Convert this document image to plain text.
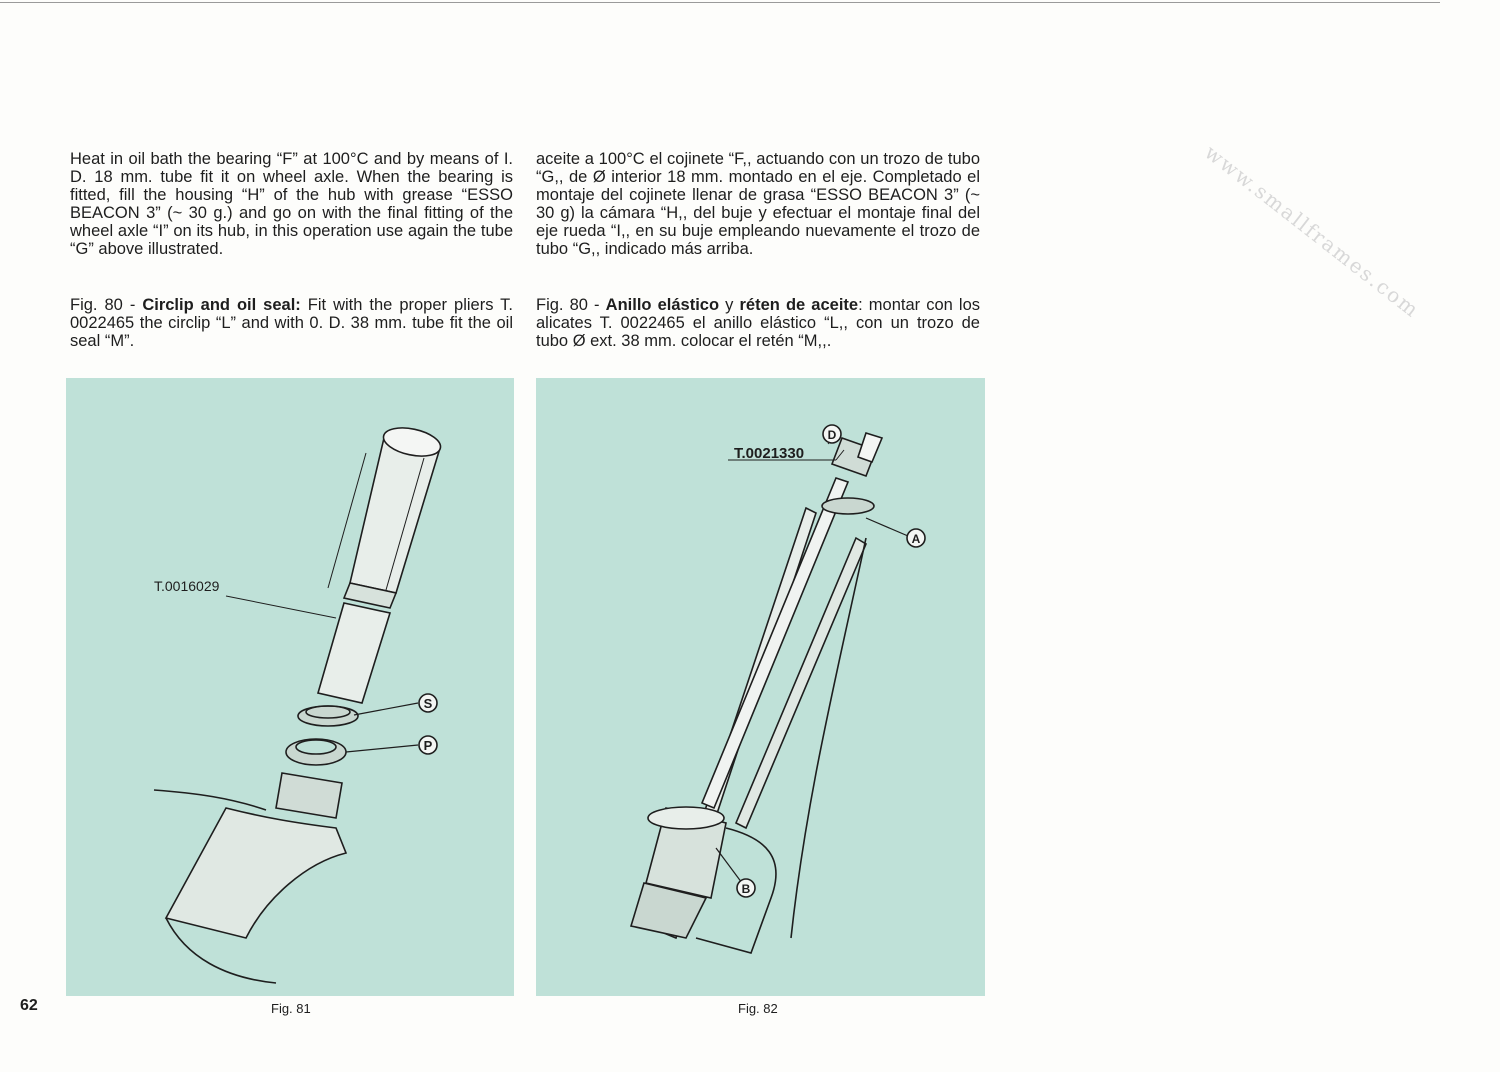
www.smallframes.com

Heat in oil bath the bearing “F” at 100°C and by means of I. D. 18 mm. tube fit it on wheel axle. When the bearing is fitted, fill the housing “H” of the hub with grease “ESSO BEACON 3” (~ 30 g.) and go on with the final fitting of the wheel axle “I” on its hub, in this operation use again the tube “G” above illustrated.

Fig. 80 - Circlip and oil seal: Fit with the proper pliers T. 0022465 the circlip “L” and with 0. D. 38 mm. tube fit the oil seal “M”.

aceite a 100°C el cojinete “F,, actuando con un trozo de tubo “G,, de Ø interior 18 mm. montado en el eje. Completado el montaje del cojinete llenar de grasa “ESSO BEACON 3” (~ 30 g) la cámara “H,, del buje y efectuar el montaje final del eje rueda “I,, en su buje empleando nuevamente el trozo de tubo “G,, indicado más arriba.

Fig. 80 - Anillo elástico y réten de aceite: montar con los alicates T. 0022465 el anillo elástico “L,, con un trozo de tubo Ø ext. 38 mm. colocar el retén “M,,.

T.0016029
S
P
Fig. 81
T.0021330
D
A
B
Fig. 82
62
